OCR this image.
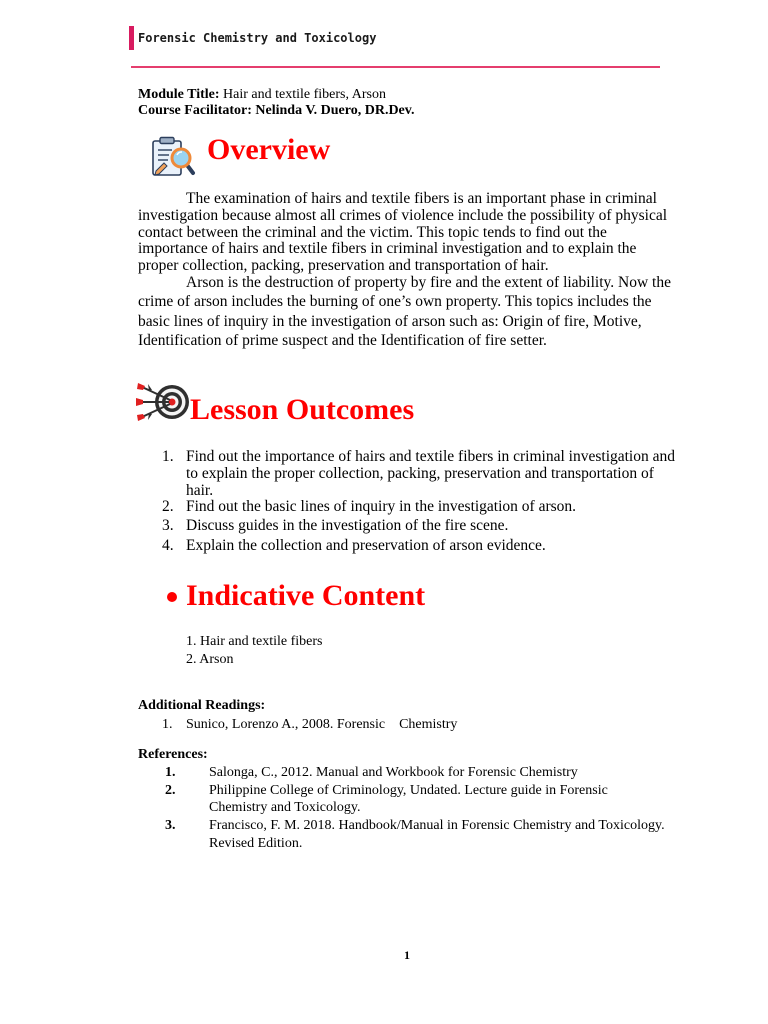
Forensic Chemistry and Toxicology
Module Title: Hair and textile fibers, Arson
Course Facilitator: Nelinda V. Duero, DR.Dev.
Overview
The examination of hairs and textile fibers is an important phase in criminal
investigation because almost all crimes of violence include the possibility of physical
contact between the criminal and the victim. This topic tends to find out the
importance of hairs and textile fibers in criminal investigation and to explain the
proper collection, packing, preservation and transportation of hair.
Arson is the destruction of property by fire and the extent of liability. Now the
crime of arson includes the burning of one’s own property. This topics includes the
basic lines of inquiry in the investigation of arson such as: Origin of fire, Motive,
Identification of prime suspect and the Identification of fire setter.
Lesson Outcomes
1. Find out the importance of hairs and textile fibers in criminal investigation and
to explain the proper collection, packing, preservation and transportation of
hair.
2. Find out the basic lines of inquiry in the investigation of arson.
3. Discuss guides in the investigation of the fire scene.
4. Explain the collection and preservation of arson evidence.
Indicative Content
1. Hair and textile fibers
2. Arson
Additional Readings:
1. Sunico, Lorenzo A., 2008. Forensic    Chemistry
References:
1. Salonga, C., 2012. Manual and Workbook for Forensic Chemistry
2. Philippine College of Criminology, Undated. Lecture guide in Forensic
Chemistry and Toxicology.
3. Francisco, F. M. 2018. Handbook/Manual in Forensic Chemistry and Toxicology.
Revised Edition.
1
